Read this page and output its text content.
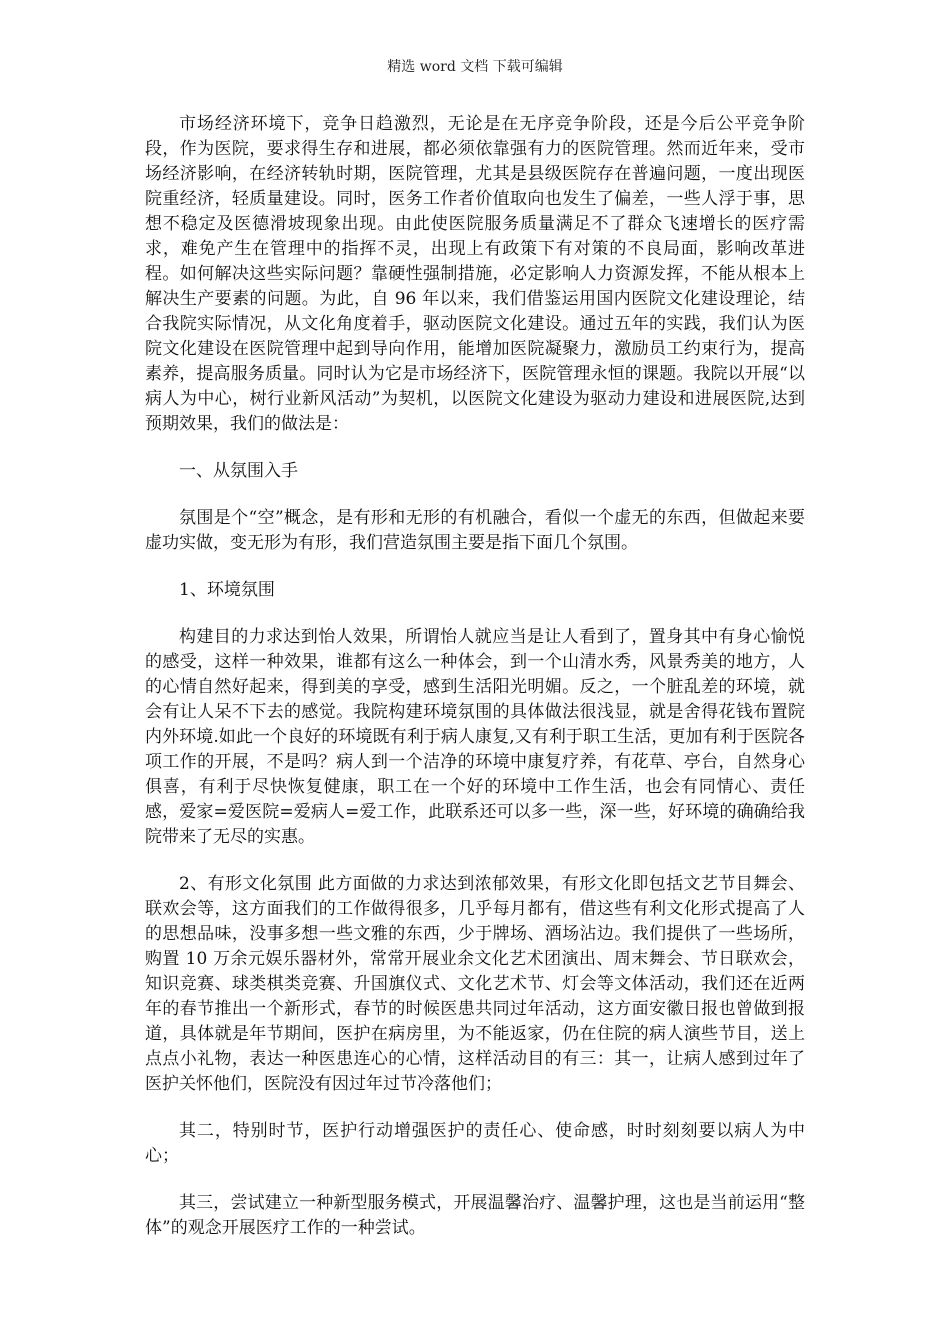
精选 word 文档 下载可编辑

市场经济环境下，竞争日趋激烈，无论是在无序竞争阶段，还是今后公平竞争阶段，作为医院，要求得生存和进展，都必须依靠强有力的医院管理。然而近年来，受市场经济影响，在经济转轨时期，医院管理，尤其是县级医院存在普遍问题，一度出现医院重经济，轻质量建设。同时，医务工作者价值取向也发生了偏差，一些人浮于事，思想不稳定及医德滑坡现象出现。由此使医院服务质量满足不了群众飞速增长的医疗需求，难免产生在管理中的指挥不灵，出现上有政策下有对策的不良局面，影响改革进程。如何解决这些实际问题？靠硬性强制措施，必定影响人力资源发挥，不能从根本上解决生产要素的问题。为此，自 96 年以来，我们借鉴运用国内医院文化建设理论，结合我院实际情况，从文化角度着手，驱动医院文化建设。通过五年的实践，我们认为医院文化建设在医院管理中起到导向作用，能增加医院凝聚力，激励员工约束行为，提高素养，提高服务质量。同时认为它是市场经济下，医院管理永恒的课题。我院以开展“以病人为中心，树行业新风活动”为契机，以医院文化建设为驱动力建设和进展医院,达到预期效果，我们的做法是：

一、从氛围入手

氛围是个“空”概念，是有形和无形的有机融合，看似一个虚无的东西，但做起来要虚功实做，变无形为有形，我们营造氛围主要是指下面几个氛围。

1、环境氛围

构建目的力求达到怡人效果，所谓怡人就应当是让人看到了，置身其中有身心愉悦的感受，这样一种效果，谁都有这么一种体会，到一个山清水秀，风景秀美的地方，人的心情自然好起来，得到美的享受，感到生活阳光明媚。反之，一个脏乱差的环境，就会有让人呆不下去的感觉。我院构建环境氛围的具体做法很浅显，就是舍得花钱布置院内外环境.如此一个良好的环境既有利于病人康复,又有利于职工生活，更加有利于医院各项工作的开展，不是吗？病人到一个洁净的环境中康复疗养，有花草、亭台，自然身心俱喜，有利于尽快恢复健康，职工在一个好的环境中工作生活，也会有同情心、责任感，爱家=爱医院=爱病人=爱工作，此联系还可以多一些，深一些，好环境的确确给我院带来了无尽的实惠。

2、有形文化氛围 此方面做的力求达到浓郁效果，有形文化即包括文艺节目舞会、联欢会等，这方面我们的工作做得很多，几乎每月都有，借这些有利文化形式提高了人的思想品味，没事多想一些文雅的东西，少于牌场、酒场沾边。我们提供了一些场所，购置 10 万余元娱乐器材外，常常开展业余文化艺术团演出、周末舞会、节日联欢会，知识竞赛、球类棋类竞赛、升国旗仪式、文化艺术节、灯会等文体活动，我们还在近两年的春节推出一个新形式，春节的时候医患共同过年活动，这方面安徽日报也曾做到报道，具体就是年节期间，医护在病房里，为不能返家，仍在住院的病人演些节目，送上点点小礼物，表达一种医患连心的心情，这样活动目的有三：其一，让病人感到过年了医护关怀他们，医院没有因过年过节冷落他们；

其二，特别时节，医护行动增强医护的责任心、使命感，时时刻刻要以病人为中心；

其三，尝试建立一种新型服务模式，开展温馨治疗、温馨护理，这也是当前运用“整体”的观念开展医疗工作的一种尝试。
